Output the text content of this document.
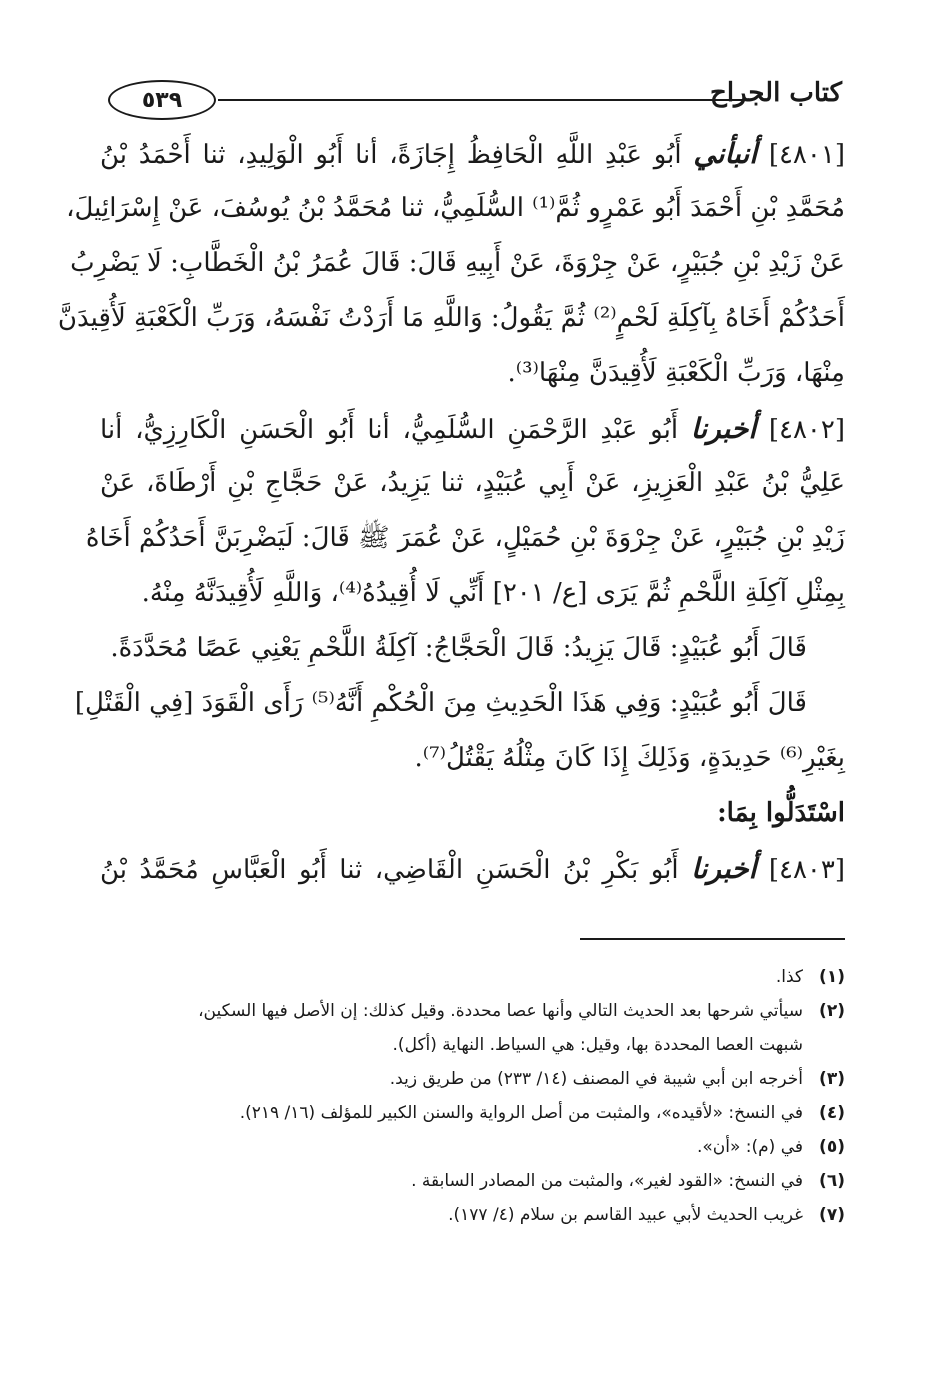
٥٣٩	كتاب الجراح
[٤٨٠١] أنبأني أَبُو عَبْدِ اللَّهِ الْحَافِظُ إِجَازَةً، أنا أَبُو الْوَلِيدِ، ثنا أَحْمَدُ بْنُ
مُحَمَّدِ بْنِ أَحْمَدَ أَبُو عَمْرٍو ثُمَّ⁽¹⁾ السُّلَمِيُّ، ثنا مُحَمَّدُ بْنُ يُوسُفَ، عَنْ إِسْرَائِيلَ،
عَنْ زَيْدِ بْنِ جُبَيْرٍ، عَنْ جِرْوَةَ، عَنْ أَبِيهِ قَالَ: قَالَ عُمَرُ بْنُ الْخَطَّابِ: لَا يَضْرِبُ
أَحَدُكُمْ أَخَاهُ بِآكِلَةِ لَحْمٍ⁽²⁾ ثُمَّ يَقُولُ: وَاللَّهِ مَا أَرَدْتُ نَفْسَهُ، وَرَبِّ الْكَعْبَةِ لَأُقِيدَنَّ
مِنْهَا، وَرَبِّ الْكَعْبَةِ لَأُقِيدَنَّ مِنْهَا⁽³⁾.
[٤٨٠٢] أخبرنا أَبُو عَبْدِ الرَّحْمَنِ السُّلَمِيُّ، أنا أَبُو الْحَسَنِ الْكَارِزِيُّ، أنا
عَلِيُّ بْنُ عَبْدِ الْعَزِيزِ، عَنْ أَبِي عُبَيْدٍ، ثنا يَزِيدُ، عَنْ حَجَّاجِ بْنِ أَرْطَاةَ، عَنْ
زَيْدِ بْنِ جُبَيْرٍ، عَنْ جِرْوَةَ بْنِ حُمَيْلٍ، عَنْ عُمَرَ ﷺ قَالَ: لَيَضْرِبَنَّ أَحَدُكُمْ أَخَاهُ
بِمِثْلِ آكِلَةِ اللَّحْمِ ثُمَّ يَرَى [ع/ ٢٠١] أَنِّي لَا أُقِيدُهُ⁽⁴⁾، وَاللَّهِ لَأُقِيدَنَّهُ مِنْهُ.
قَالَ أَبُو عُبَيْدٍ: قَالَ يَزِيدُ: قَالَ الْحَجَّاجُ: آكِلَةُ اللَّحْمِ يَعْنِي عَصًا مُحَدَّدَةً.
قَالَ أَبُو عُبَيْدٍ: وَفِي هَذَا الْحَدِيثِ مِنَ الْحُكْمِ أَنَّهُ⁽⁵⁾ رَأَى الْقَوَدَ [فِي الْقَتْلِ]
بِغَيْرِ⁽⁶⁾ حَدِيدَةٍ، وَذَلِكَ إِذَا كَانَ مِثْلُهُ يَقْتُلُ⁽⁷⁾.
اسْتَدَلُّوا بِمَا:
[٤٨٠٣] أخبرنا أَبُو بَكْرِ بْنُ الْحَسَنِ الْقَاضِي، ثنا أَبُو الْعَبَّاسِ مُحَمَّدُ بْنُ
(١)
كذا.
(٢)
سيأتي شرحها بعد الحديث التالي وأنها عصا محددة. وقيل كذلك: إن الأصل فيها السكين،
شبهت العصا المحددة بها، وقيل: هي السياط. النهاية (أكل).
(٣)
أخرجه ابن أبي شيبة في المصنف (١٤/ ٢٣٣) من طريق زيد.
(٤)
في النسخ: «لأقيده»، والمثبت من أصل الرواية والسنن الكبير للمؤلف (١٦/ ٢١٩).
(٥)
في (م): «أن».
(٦)
في النسخ: «القود لغير»، والمثبت من المصادر السابقة .
(٧)
غريب الحديث لأبي عبيد القاسم بن سلام (٤/ ١٧٧).
